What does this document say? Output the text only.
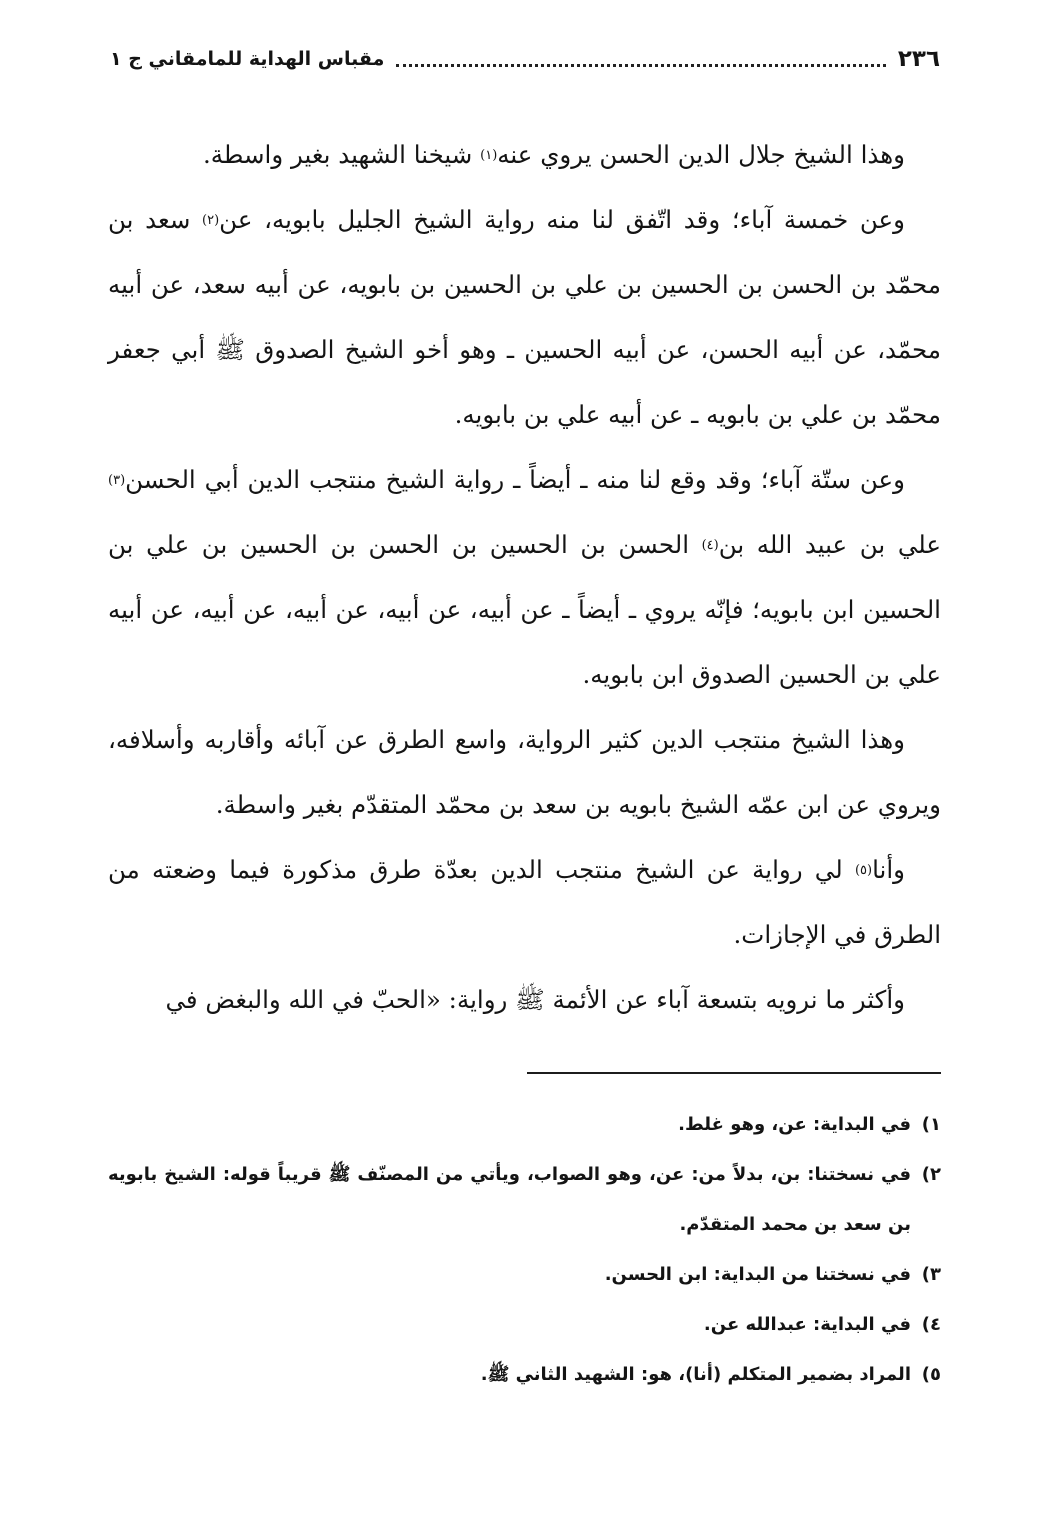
٢٣٦
مقباس الهداية للمامقاني ج ١

وهذا الشيخ جلال الدين الحسن يروي عنه$^{(١)}$ شيخنا الشهيد بغير واسطة.

وعن خمسة آباء؛ وقد اتّفق لنا منه رواية الشيخ الجليل بابويه، عن$^{(٢)}$ سعد بن محمّد بن الحسن بن الحسين بن علي بن الحسين بن بابويه، عن أبيه سعد، عن أبيه محمّد، عن أبيه الحسن، عن أبيه الحسين ـ وهو أخو الشيخ الصدوق ﷺ أبي جعفر محمّد بن علي بن بابويه ـ عن أبيه علي بن بابويه.

وعن ستّة آباء؛ وقد وقع لنا منه ـ أيضاً ـ رواية الشيخ منتجب الدين أبي الحسن$^{(٣)}$ علي بن عبيد الله بن$^{(٤)}$ الحسن بن الحسين بن الحسن بن الحسين بن علي بن الحسين ابن بابويه؛ فإنّه يروي ـ أيضاً ـ عن أبيه، عن أبيه، عن أبيه، عن أبيه، عن أبيه علي بن الحسين الصدوق ابن بابويه.

وهذا الشيخ منتجب الدين كثير الرواية، واسع الطرق عن آبائه وأقاربه وأسلافه، ويروي عن ابن عمّه الشيخ بابويه بن سعد بن محمّد المتقدّم بغير واسطة.

وأنا$^{(٥)}$ لي رواية عن الشيخ منتجب الدين بعدّة طرق مذكورة فيما وضعته من الطرق في الإجازات.

وأكثر ما نرويه بتسعة آباء عن الأئمة ﷺ رواية: «الحبّ في الله والبغض في

١)
في البداية: عن، وهو غلط.
٢)
في نسختنا: بن، بدلاً من: عن، وهو الصواب، ويأتي من المصنّف ﷺ قريباً قوله: الشيخ بابويه بن سعد بن محمد المتقدّم.
٣)
في نسختنا من البداية: ابن الحسن.
٤)
في البداية: عبدالله عن.
٥)
المراد بضمير المتكلم (أنا)، هو: الشهيد الثاني ﷺ.
